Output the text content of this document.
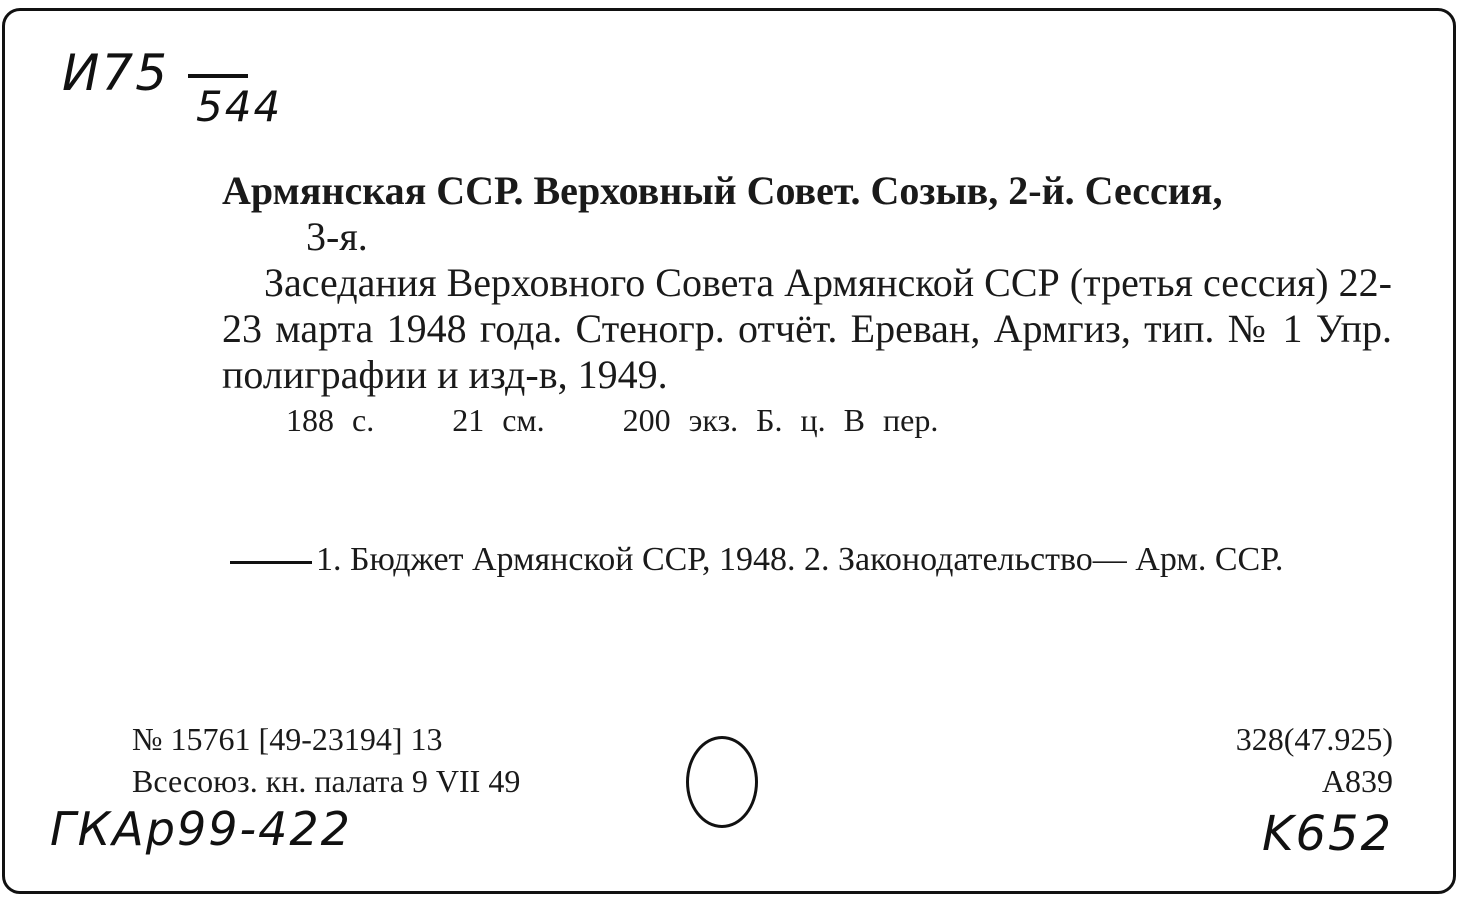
И75
544
Армянская ССР. Верховный Совет. Созыв, 2-й. Сессия,
3-я.

Заседания Верховного Совета Армянской ССР (третья сессия) 22-23 марта 1948 года. Стеногр. отчёт. Ереван, Армгиз, тип. № 1 Упр. полиграфии и изд-в, 1949.

188 с. 21 см. 200 экз. Б. ц. В пер.
1. Бюджет Армянской ССР, 1948. 2. Законодательство— Арм. ССР.
№ 15761 [49-23194] 13
Всесоюз. кн. палата 9 VII 49
328(47.925)
А839
ГКАр99-422	K652
